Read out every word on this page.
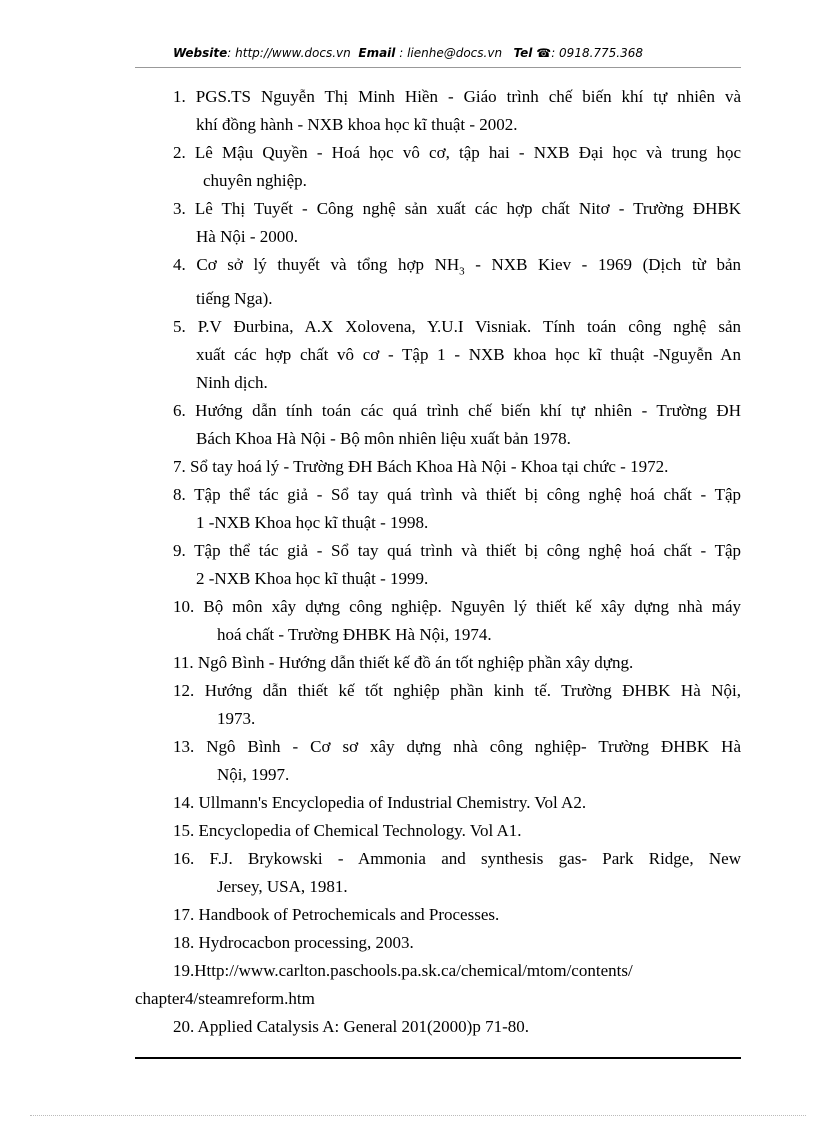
Website: http://www.docs.vn Email : lienhe@docs.vn Tel ☎: 0918.775.368
1. PGS.TS Nguyễn Thị Minh Hiền - Giáo trình chế biến khí tự nhiên và
khí đồng hành - NXB khoa học kĩ thuật - 2002.
2. Lê Mậu Quyền - Hoá học vô cơ, tập hai - NXB Đại học và trung học
chuyên nghiệp.
3. Lê Thị Tuyết - Công nghệ sản xuất các hợp chất Nitơ - Trường ĐHBK
Hà Nội - 2000.
4. Cơ sở lý thuyết và tổng hợp $NH_3$ - NXB Kiev - 1969 (Dịch từ bản
tiếng Nga).
5. P.V Đurbina, A.X Xolovena, Y.U.I Visniak. Tính toán công nghệ sản
xuất các hợp chất vô cơ - Tập 1 - NXB khoa học kĩ thuật -Nguyễn An
Ninh dịch.
6. Hướng dẫn tính toán các quá trình chế biến khí tự nhiên - Trường ĐH
Bách Khoa Hà Nội - Bộ môn nhiên liệu xuất bản 1978.
7. Sổ tay hoá lý - Trường ĐH Bách Khoa Hà Nội - Khoa tại chức - 1972.
8. Tập thể tác giả - Sổ tay quá trình và thiết bị công nghệ hoá chất - Tập
1 -NXB Khoa học kĩ thuật - 1998.
9. Tập thể tác giả - Sổ tay quá trình và thiết bị công nghệ hoá chất - Tập
2 -NXB Khoa học kĩ thuật - 1999.
10. Bộ môn xây dựng công nghiệp. Nguyên lý thiết kế xây dựng nhà máy
hoá chất - Trường ĐHBK Hà Nội, 1974.
11. Ngô Bình - Hướng dẫn thiết kế đồ án tốt nghiệp phần xây dựng.
12. Hướng dẫn thiết kế tốt nghiệp phần kinh tế. Trường ĐHBK Hà Nội,
1973.
13. Ngô Bình - Cơ sơ xây dựng nhà công nghiệp- Trường ĐHBK Hà
Nội, 1997.
14. Ullmann's Encyclopedia of Industrial Chemistry. Vol A2.
15. Encyclopedia of Chemical Technology. Vol A1.
16. F.J. Brykowski - Ammonia and synthesis gas- Park Ridge, New
Jersey, USA, 1981.
17. Handbook of Petrochemicals and Processes.
18. Hydrocacbon processing, 2003.
19.Http://www.carlton.paschools.pa.sk.ca/chemical/mtom/contents/
chapter4/steamreform.htm
20. Applied Catalysis A: General 201(2000)p 71-80.
